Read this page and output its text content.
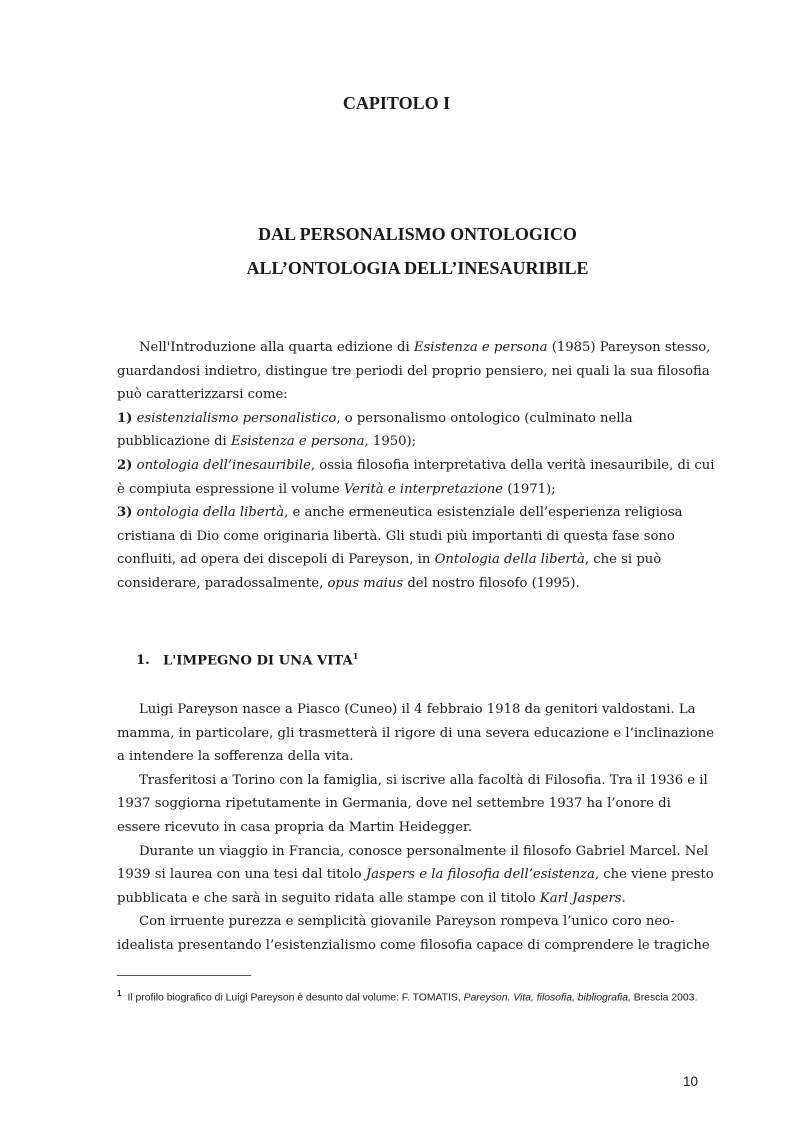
CAPITOLO I
DAL PERSONALISMO ONTOLOGICO
ALL’ONTOLOGIA DELL’INESAURIBILE
Nell'Introduzione alla quarta edizione di Esistenza e persona (1985) Pareyson stesso, guardandosi indietro, distingue tre periodi del proprio pensiero, nei quali la sua filosofia può caratterizzarsi come:
1) esistenzialismo personalistico, o personalismo ontologico (culminato nella pubblicazione di Esistenza e persona, 1950);
2) ontologia dell’inesauribile, ossia filosofia interpretativa della verità inesauribile, di cui è compiuta espressione il volume Verità e interpretazione (1971);
3) ontologia della libertà, e anche ermeneutica esistenziale dell’esperienza religiosa cristiana di Dio come originaria libertà. Gli studi più importanti di questa fase sono confluiti, ad opera dei discepoli di Pareyson, in Ontologia della libertà, che si può considerare, paradossalmente, opus maius del nostro filosofo (1995).
1. L'IMPEGNO DI UNA VITA$^1$
Luigi Pareyson nasce a Piasco (Cuneo) il 4 febbraio 1918 da genitori valdostani. La mamma, in particolare, gli trasmetterà il rigore di una severa educazione e l’inclinazione a intendere la sofferenza della vita.
Trasferitosi a Torino con la famiglia, si iscrive alla facoltà di Filosofia. Tra il 1936 e il 1937 soggiorna ripetutamente in Germania, dove nel settembre 1937 ha l’onore di essere ricevuto in casa propria da Martin Heidegger.
Durante un viaggio in Francia, conosce personalmente il filosofo Gabriel Marcel. Nel 1939 si laurea con una tesi dal titolo Jaspers e la filosofia dell’esistenza, che viene presto pubblicata e che sarà in seguito ridata alle stampe con il titolo Karl Jaspers.
Con irruente purezza e semplicità giovanile Pareyson rompeva l’unico coro neo-idealista presentando l’esistenzialismo come filosofia capace di comprendere le tragiche
$^1$ Il profilo biografico di Luigi Pareyson è desunto dal volume: F. TOMATIS, Pareyson. Vita, filosofia, bibliografia, Brescia 2003.
10
